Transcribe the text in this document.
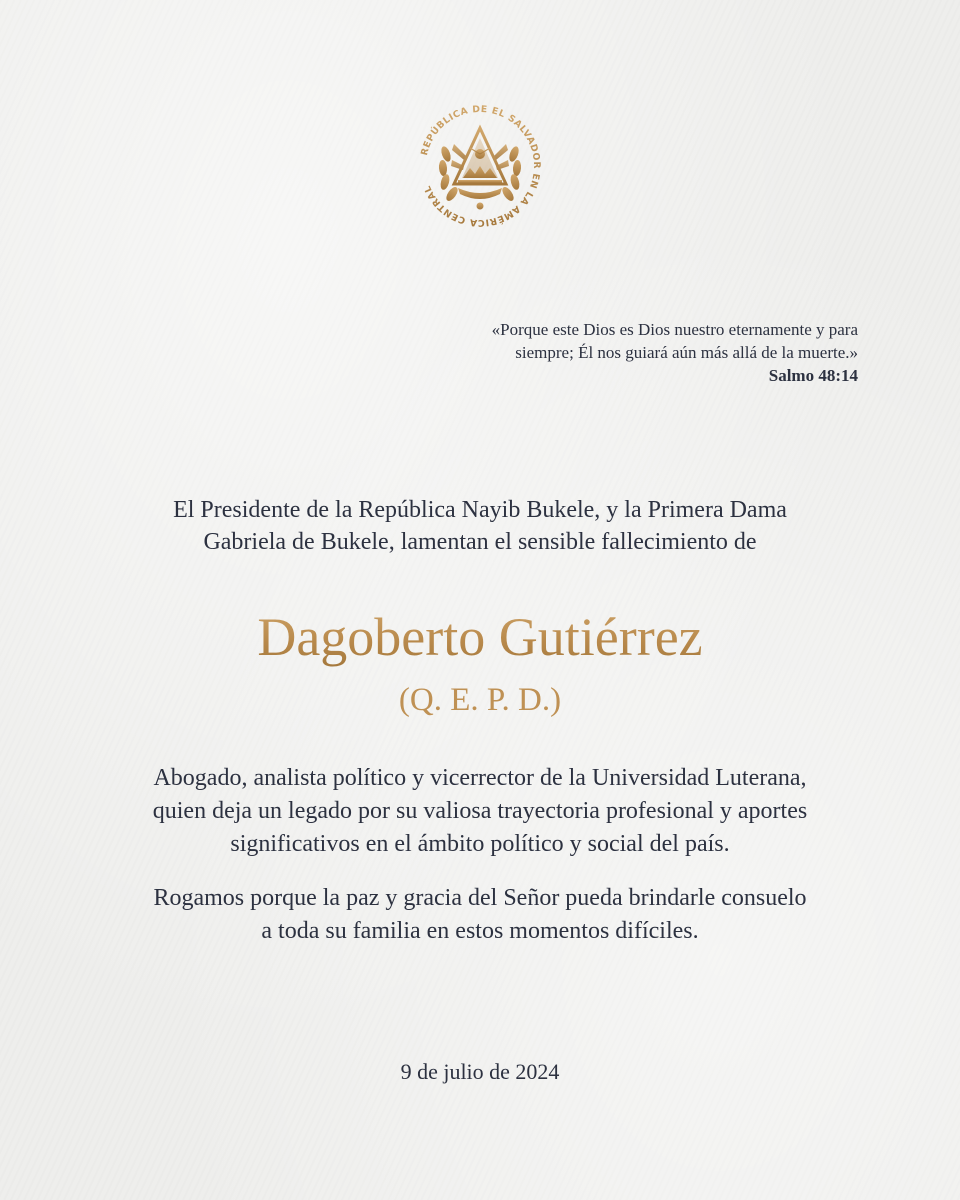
REPÚBLICA DE EL SALVADOR EN LA AMÉRICA CENTRAL
«Porque este Dios es Dios nuestro eternamente y para
siempre; Él nos guiará aún más allá de la muerte.»
Salmo 48:14
El Presidente de la República Nayib Bukele, y la Primera Dama
Gabriela de Bukele, lamentan el sensible fallecimiento de
Dagoberto Gutiérrez
(Q. E. P. D.)
Abogado, analista político y vicerrector de la Universidad Luterana,
quien deja un legado por su valiosa trayectoria profesional y aportes
significativos en el ámbito político y social del país.
Rogamos porque la paz y gracia del Señor pueda brindarle consuelo
a toda su familia en estos momentos difíciles.
9 de julio de 2024
